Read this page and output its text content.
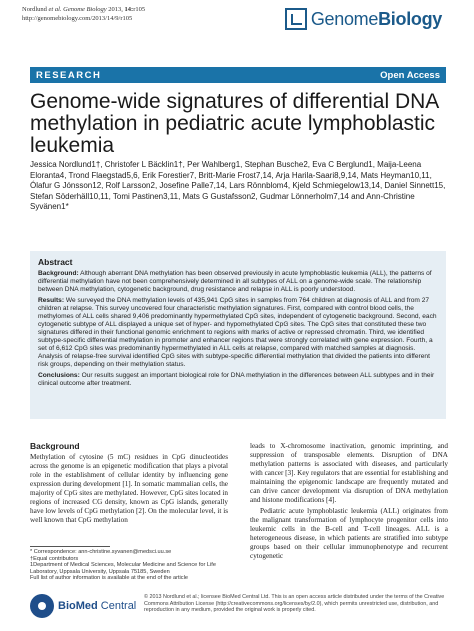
Nordlund et al. Genome Biology 2013, 14:r105
http://genomebiology.com/2013/14/9/r105	GenomeBiology
RESEARCH	Open Access
Genome-wide signatures of differential DNA methylation in pediatric acute lymphoblastic leukemia
Jessica Nordlund1†, Christofer L Bäcklin1†, Per Wahlberg1, Stephan Busche2, Eva C Berglund1, Maija-Leena Eloranta4, Trond Flaegstad5,6, Erik Forestier7, Britt-Marie Frost7,14, Arja Harila-Saari8,9,14, Mats Heyman10,11, Ólafur G Jónsson12, Rolf Larsson2, Josefine Palle7,14, Lars Rönnblom4, Kjeld Schmiegelow13,14, Daniel Sinnett15, Stefan Söderhäll10,11, Tomi Pastinen3,11, Mats G Gustafsson2, Gudmar Lönnerholm7,14 and Ann-Christine Syvänen1*
Abstract

Background: Although aberrant DNA methylation has been observed previously in acute lymphoblastic leukemia (ALL), the patterns of differential methylation have not been comprehensively determined in all subtypes of ALL on a genome-wide scale. The relationship between DNA methylation, cytogenetic background, drug resistance and relapse in ALL is poorly understood.

Results: We surveyed the DNA methylation levels of 435,941 CpG sites in samples from 764 children at diagnosis of ALL and from 27 children at relapse. This survey uncovered four characteristic methylation signatures. First, compared with control blood cells, the methylomes of ALL cells shared 9,406 predominantly hypermethylated CpG sites, independent of cytogenetic background. Second, each cytogenetic subtype of ALL displayed a unique set of hyper- and hypomethylated CpG sites. The CpG sites that constituted these two signatures differed in their functional genomic enrichment to regions with marks of active or repressed chromatin. Third, we identified subtype-specific differential methylation in promoter and enhancer regions that were strongly correlated with gene expression. Fourth, a set of 6,612 CpG sites was predominantly hypermethylated in ALL cells at relapse, compared with matched samples at diagnosis. Analysis of relapse-free survival identified CpG sites with subtype-specific differential methylation that divided the patients into different risk groups, depending on their methylation status.

Conclusions: Our results suggest an important biological role for DNA methylation in the differences between ALL subtypes and in their clinical outcome after treatment.

Background

Methylation of cytosine (5 mC) residues in CpG dinucleotides across the genome is an epigenetic modification that plays a pivotal role in the establishment of cellular identity by influencing gene expression during development [1]. In somatic mammalian cells, the majority of CpG sites are methylated. However, CpG sites located in regions of increased CG density, known as CpG islands, generally have low levels of CpG methylation [2]. On the molecular level, it is well known that CpG methylation

leads to X-chromosome inactivation, genomic imprinting, and suppression of transposable elements. Disruption of DNA methylation patterns is associated with diseases, and particularly with cancer [3]. Key regulators that are essential for establishing and maintaining the epigenomic landscape are frequently mutated and can drive cancer development via disruption of DNA methylation and histone modifications [4].

Pediatric acute lymphoblastic leukemia (ALL) originates from the malignant transformation of lymphocyte progenitor cells into leukemic cells in the B-cell and T-cell lineages. ALL is a heterogeneous disease, in which patients are stratified into subtype groups based on their cellular immunophenotype and recurrent cytogenetic

* Correspondence: ann-christine.syvanen@medsci.uu.se
†Equal contributors
1Department of Medical Sciences, Molecular Medicine and Science for Life Laboratory, Uppsala University, Uppsala 75185, Sweden
Full list of author information is available at the end of the article
BioMed Central
© 2013 Nordlund et al.; licensee BioMed Central Ltd. This is an open access article distributed under the terms of the Creative Commons Attribution License (http://creativecommons.org/licenses/by/2.0), which permits unrestricted use, distribution, and reproduction in any medium, provided the original work is properly cited.
